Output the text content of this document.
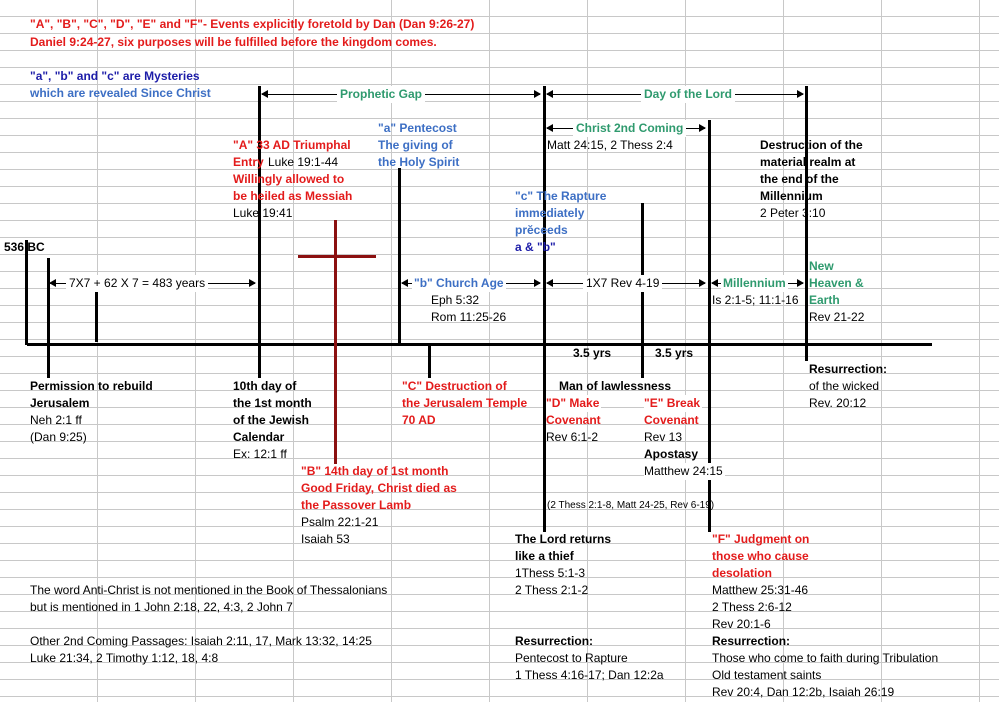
"A", "B", "C", "D", "E" and "F"- Events explicitly foretold by Dan (Dan 9:26-27)
Daniel 9:24-27, six purposes will be fulfilled before the kingdom comes.
"a", "b" and "c" are Mysteries
which are revealed Since Christ	Prophetic Gap	Day of the Lord
Christ 2nd Coming
Matt 24:15, 2 Thess 2:4
7X7 + 62 X 7 = 483 years	"b" Church Age
Eph 5:32
Rom 11:25-26
1X7 Rev 4-19	Millennium
Is 2:1-5; 11:1-16
3.5 yrs	3.5 yrs
536 BC
"A" 33 AD Triumphal
Entry Luke 19:1-44
Willingly allowed to
be heiled as Messiah
Luke 19:41
"a" Pentecost
The giving of
the Holy Spirit
"c" The Rapture
immediately
prĕceeds
a & "b"
Destruction of the
material realm at
the end of the
Millennium
2 Peter 3:10
New
Heaven &
Earth
Rev 21-22
Permission to rebuild
Jerusalem
Neh 2:1 ff
(Dan 9:25)
10th day of
the 1st month
of the Jewish
Calendar
Ex: 12:1 ff
"B" 14th day of 1st month
Good Friday, Christ died as
the Passover Lamb
Psalm 22:1-21
Isaiah 53
"C" Destruction of
the Jerusalem Temple
70 AD
Man of lawlessness
"D" Make
Covenant
Rev 6:1-2
"E" Break
Covenant
Rev 13
Apostasy
Matthew 24:15
(2 Thess 2:1-8, Matt 24-25, Rev 6-19)
Resurrection:
of the wicked
Rev. 20:12
The Lord returns
like a thief
1Thess 5:1-3
2 Thess 2:1-2
"F" Judgment on
those who cause
desolation
Matthew 25:31-46
2 Thess 2:6-12
Rev 20:1-6
Resurrection:
Pentecost to Rapture
1 Thess 4:16-17; Dan 12:2a
Resurrection:
Those who come to faith during Tribulation
Old testament saints
Rev 20:4, Dan 12:2b, Isaiah 26:19
The word Anti-Christ is not mentioned in the Book of Thessalonians
but is mentioned in 1 John 2:18, 22, 4:3, 2 John 7
Other 2nd Coming Passages: Isaiah 2:11, 17, Mark 13:32, 14:25
Luke 21:34, 2 Timothy 1:12, 18, 4:8
